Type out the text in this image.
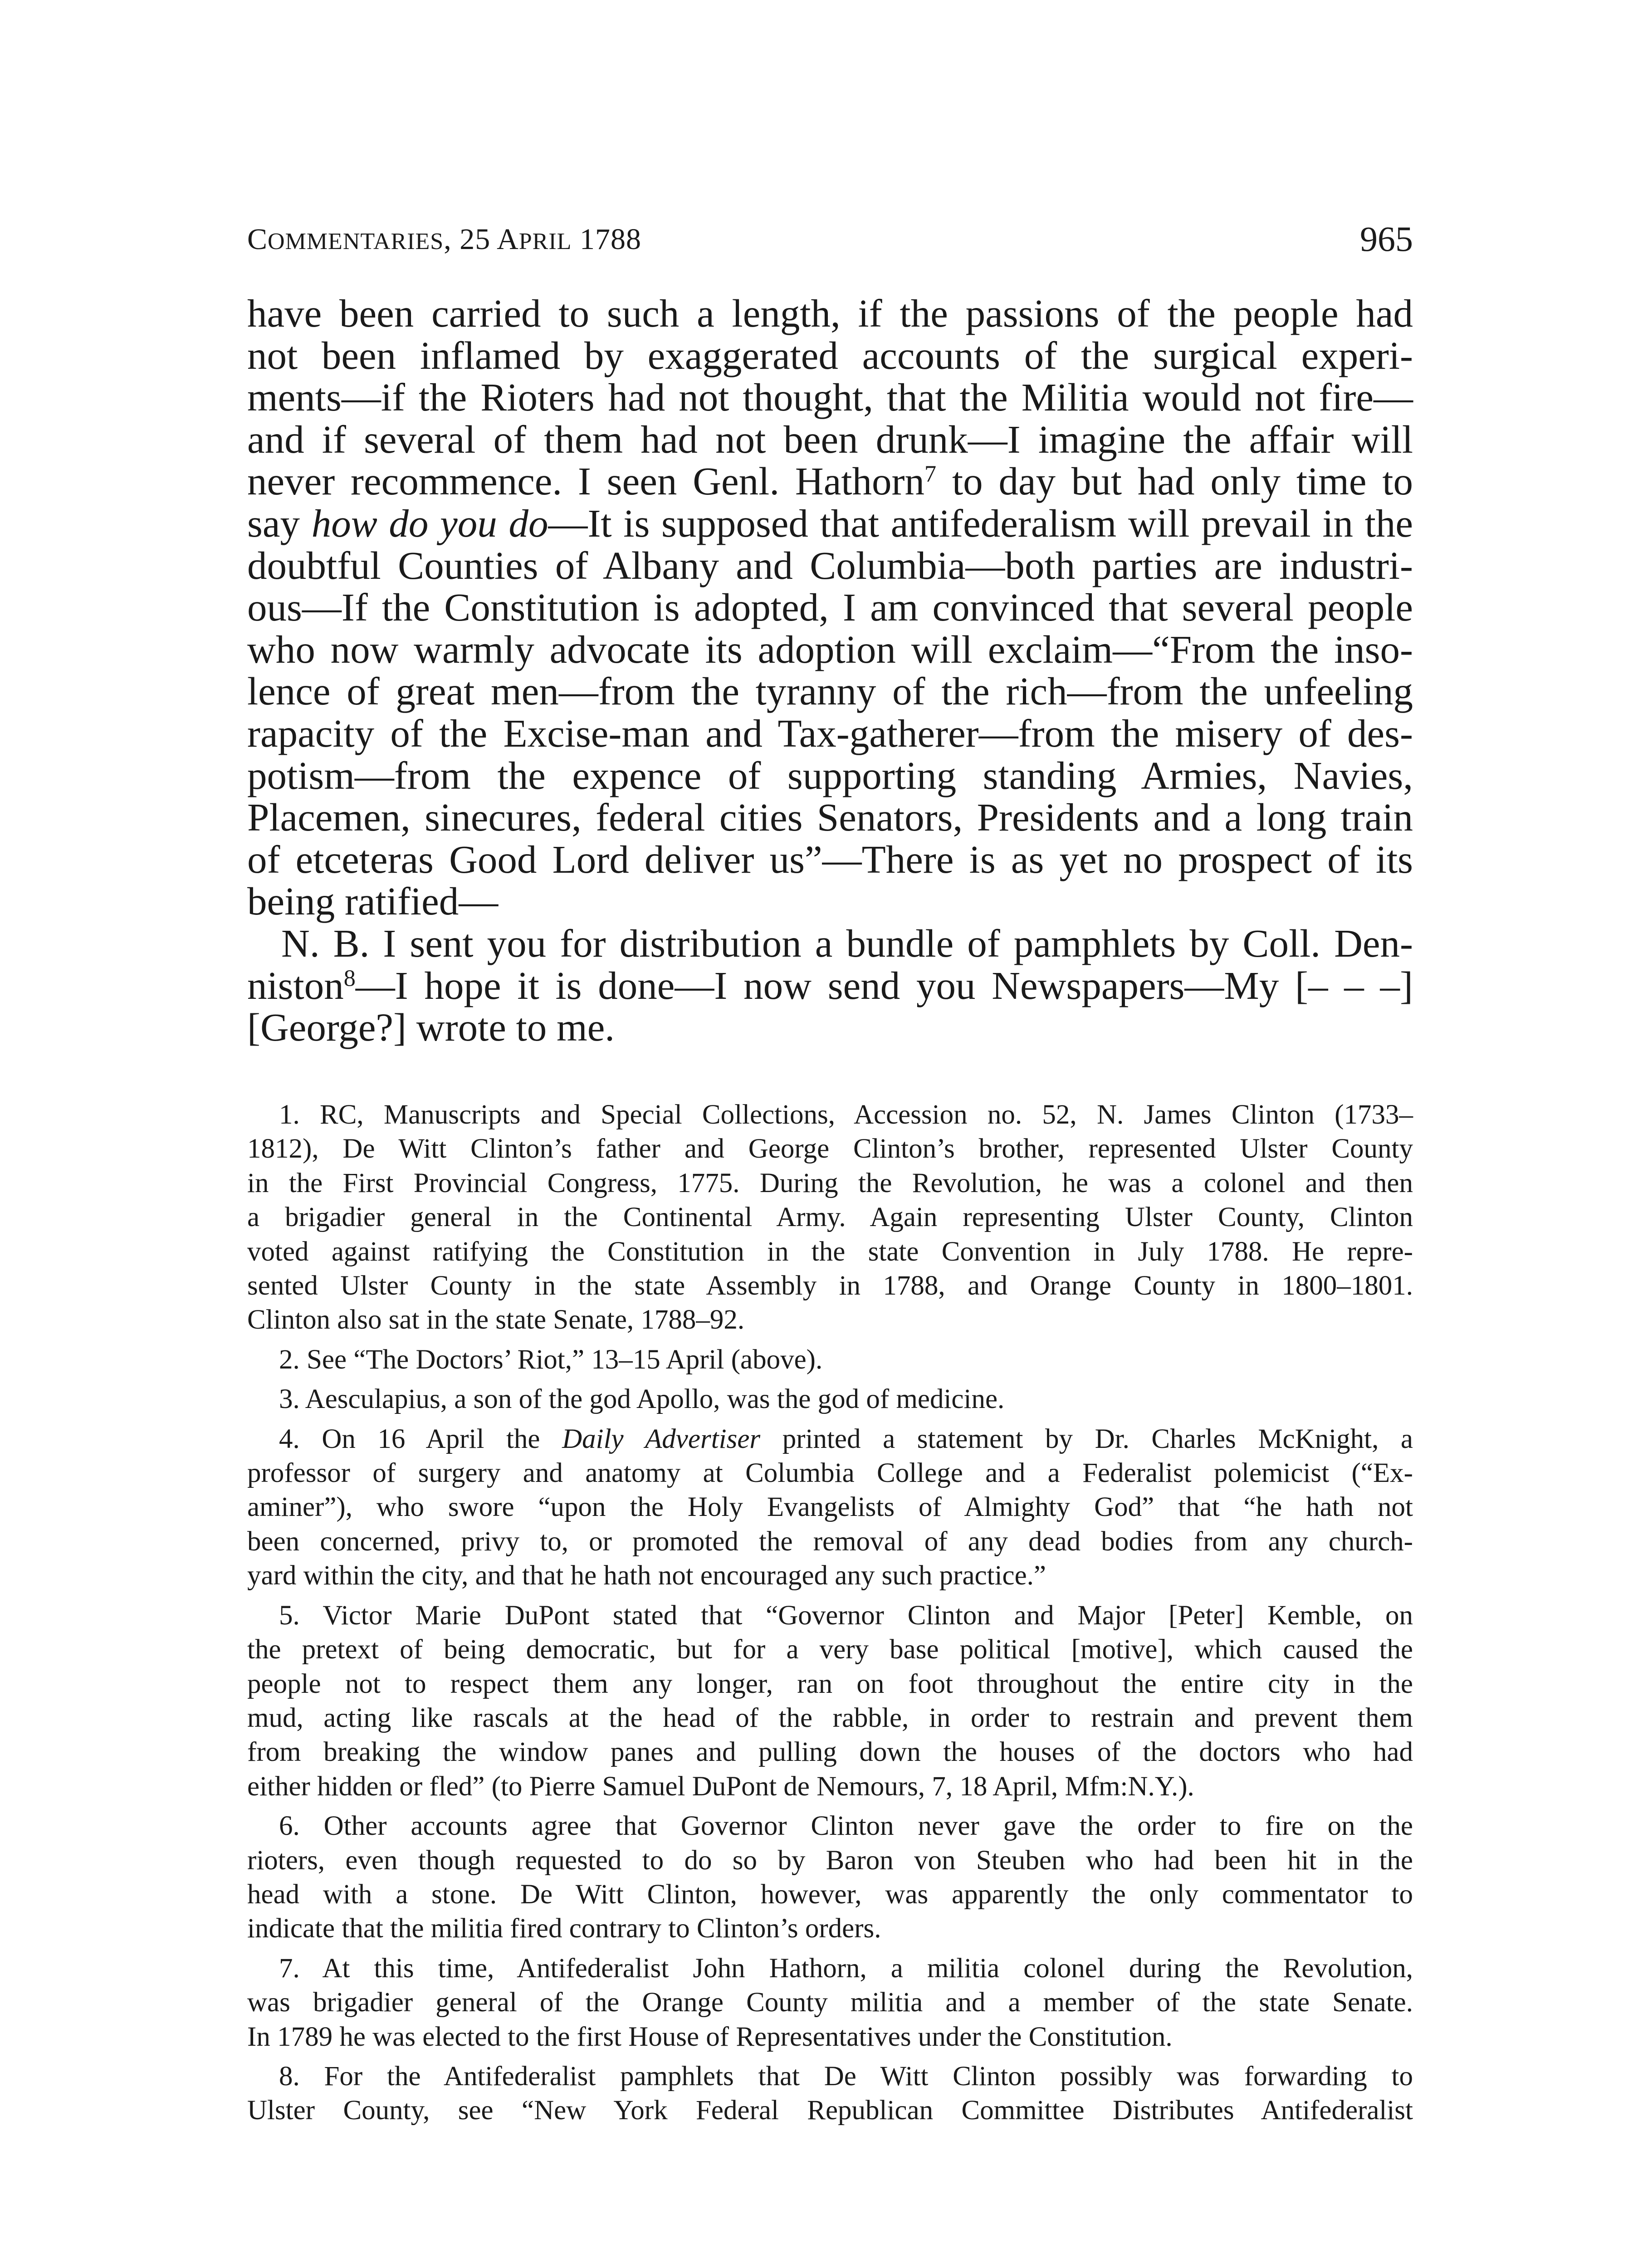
COMMENTARIES, 25 APRIL 1788	965
have been carried to such a length, if the passions of the people had
not been inflamed by exaggerated accounts of the surgical experi-
ments—if the Rioters had not thought, that the Militia would not fire—
and if several of them had not been drunk—I imagine the affair will
never recommence. I seen Genl. Hathorn$^7$ to day but had only time to
say how do you do—It is supposed that antifederalism will prevail in the
doubtful Counties of Albany and Columbia—both parties are industri-
ous—If the Constitution is adopted, I am convinced that several people
who now warmly advocate its adoption will exclaim—“From the inso-
lence of great men—from the tyranny of the rich—from the unfeeling
rapacity of the Excise-man and Tax-gatherer—from the misery of des-
potism—from the expence of supporting standing Armies, Navies,
Placemen, sinecures, federal cities Senators, Presidents and a long train
of etceteras Good Lord deliver us”—There is as yet no prospect of its
being ratified—
N. B. I sent you for distribution a bundle of pamphlets by Coll. Den-
niston$^8$—I hope it is done—I now send you Newspapers—My [– – –]
[George?] wrote to me.
1. RC, Manuscripts and Special Collections, Accession no. 52, N. James Clinton (1733–
1812), De Witt Clinton’s father and George Clinton’s brother, represented Ulster County
in the First Provincial Congress, 1775. During the Revolution, he was a colonel and then
a brigadier general in the Continental Army. Again representing Ulster County, Clinton
voted against ratifying the Constitution in the state Convention in July 1788. He repre-
sented Ulster County in the state Assembly in 1788, and Orange County in 1800–1801.
Clinton also sat in the state Senate, 1788–92.
2. See “The Doctors’ Riot,” 13–15 April (above).
3. Aesculapius, a son of the god Apollo, was the god of medicine.
4. On 16 April the Daily Advertiser printed a statement by Dr. Charles McKnight, a
professor of surgery and anatomy at Columbia College and a Federalist polemicist (“Ex-
aminer”), who swore “upon the Holy Evangelists of Almighty God” that “he hath not
been concerned, privy to, or promoted the removal of any dead bodies from any church-
yard within the city, and that he hath not encouraged any such practice.”
5. Victor Marie DuPont stated that “Governor Clinton and Major [Peter] Kemble, on
the pretext of being democratic, but for a very base political [motive], which caused the
people not to respect them any longer, ran on foot throughout the entire city in the
mud, acting like rascals at the head of the rabble, in order to restrain and prevent them
from breaking the window panes and pulling down the houses of the doctors who had
either hidden or fled” (to Pierre Samuel DuPont de Nemours, 7, 18 April, Mfm:N.Y.).
6. Other accounts agree that Governor Clinton never gave the order to fire on the
rioters, even though requested to do so by Baron von Steuben who had been hit in the
head with a stone. De Witt Clinton, however, was apparently the only commentator to
indicate that the militia fired contrary to Clinton’s orders.
7. At this time, Antifederalist John Hathorn, a militia colonel during the Revolution,
was brigadier general of the Orange County militia and a member of the state Senate.
In 1789 he was elected to the first House of Representatives under the Constitution.
8. For the Antifederalist pamphlets that De Witt Clinton possibly was forwarding to
Ulster County, see “New York Federal Republican Committee Distributes Antifederalist
